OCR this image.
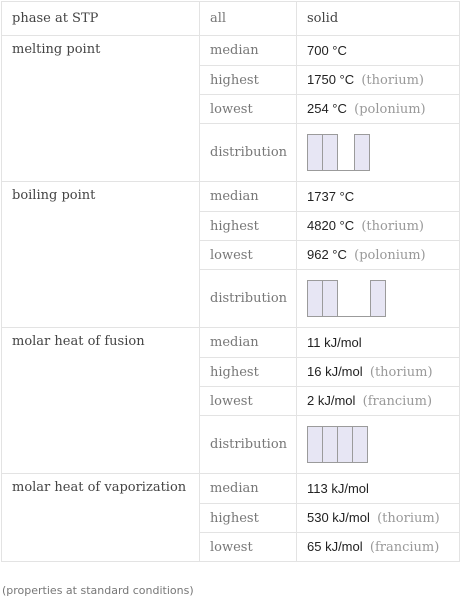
phase at STP	all	solid
melting point	median	700 °C
	highest	1750 °C (thorium)
	lowest	254 °C (polonium)
	distribution	

boiling point	median	1737 °C
	highest	4820 °C (thorium)
	lowest	962 °C (polonium)
	distribution	

molar heat of fusion	median	11 kJ/mol
	highest	16 kJ/mol (thorium)
	lowest	2 kJ/mol (francium)
	distribution	

molar heat of vaporization	median	113 kJ/mol
	highest	530 kJ/mol (thorium)
	lowest	65 kJ/mol (francium)
(properties at standard conditions)
